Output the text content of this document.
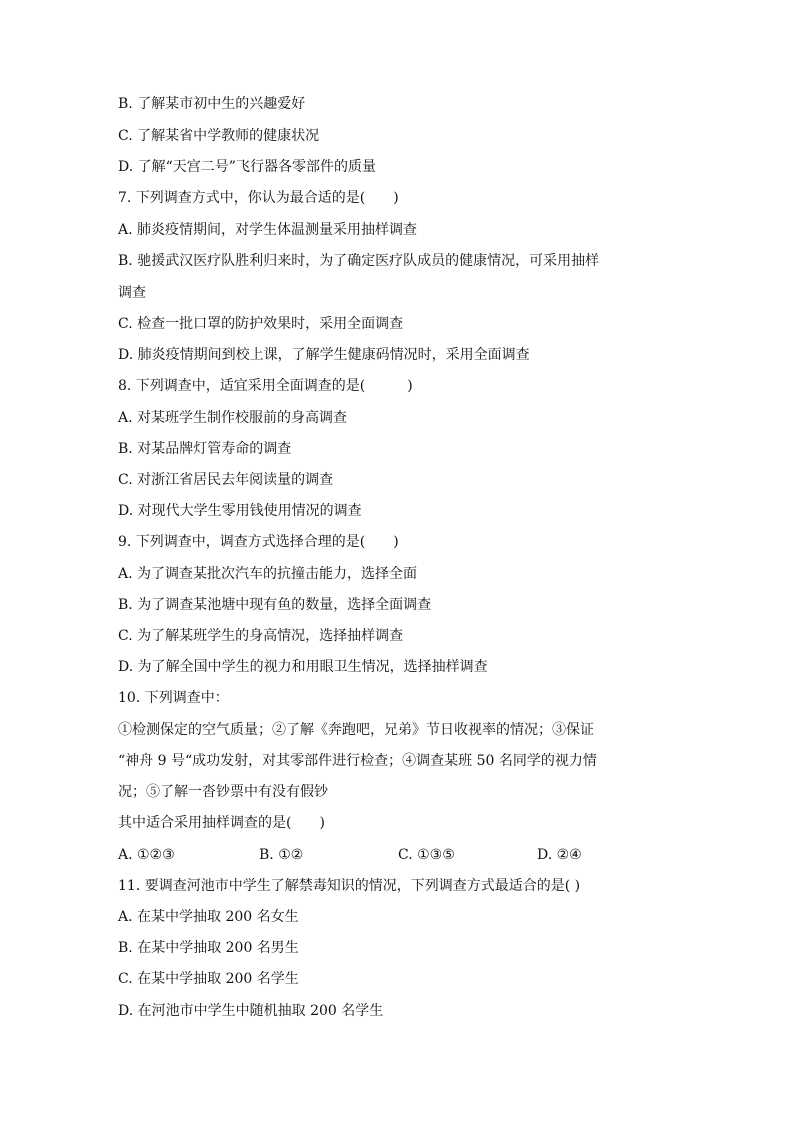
B. 了解某市初中生的兴趣爱好
C. 了解某省中学教师的健康状况
D. 了解“天宫二号”飞行器各零部件的质量
7. 下列调查方式中，你认为最合适的是(　　)
A. 肺炎疫情期间，对学生体温测量采用抽样调查
B. 驰援武汉医疗队胜利归来时，为了确定医疗队成员的健康情况，可采用抽样
调查
C. 检查一批口罩的防护效果时，采用全面调查
D. 肺炎疫情期间到校上课，了解学生健康码情况时，采用全面调查
8. 下列调查中，适宜采用全面调查的是(　　　)
A. 对某班学生制作校服前的身高调查
B. 对某品牌灯管寿命的调查
C. 对浙江省居民去年阅读量的调查
D. 对现代大学生零用钱使用情况的调查
9. 下列调查中，调查方式选择合理的是(　　)
A. 为了调查某批次汽车的抗撞击能力，选择全面
B. 为了调查某池塘中现有鱼的数量，选择全面调查
C. 为了解某班学生的身高情况，选择抽样调查
D. 为了解全国中学生的视力和用眼卫生情况，选择抽样调查
10. 下列调查中：
①检测保定的空气质量；②了解《奔跑吧，兄弟》节日收视率的情况；③保证
“神舟 9 号“成功发射，对其零部件进行检查；④调查某班 50 名同学的视力情
况；⑤了解一沓钞票中有没有假钞
其中适合采用抽样调查的是(　　)
A. ①②③	B. ①②	C. ①③⑤	D. ②④
11. 要调查河池市中学生了解禁毒知识的情况，下列调查方式最适合的是( )
A. 在某中学抽取 200 名女生
B. 在某中学抽取 200 名男生
C. 在某中学抽取 200 名学生
D. 在河池市中学生中随机抽取 200 名学生
